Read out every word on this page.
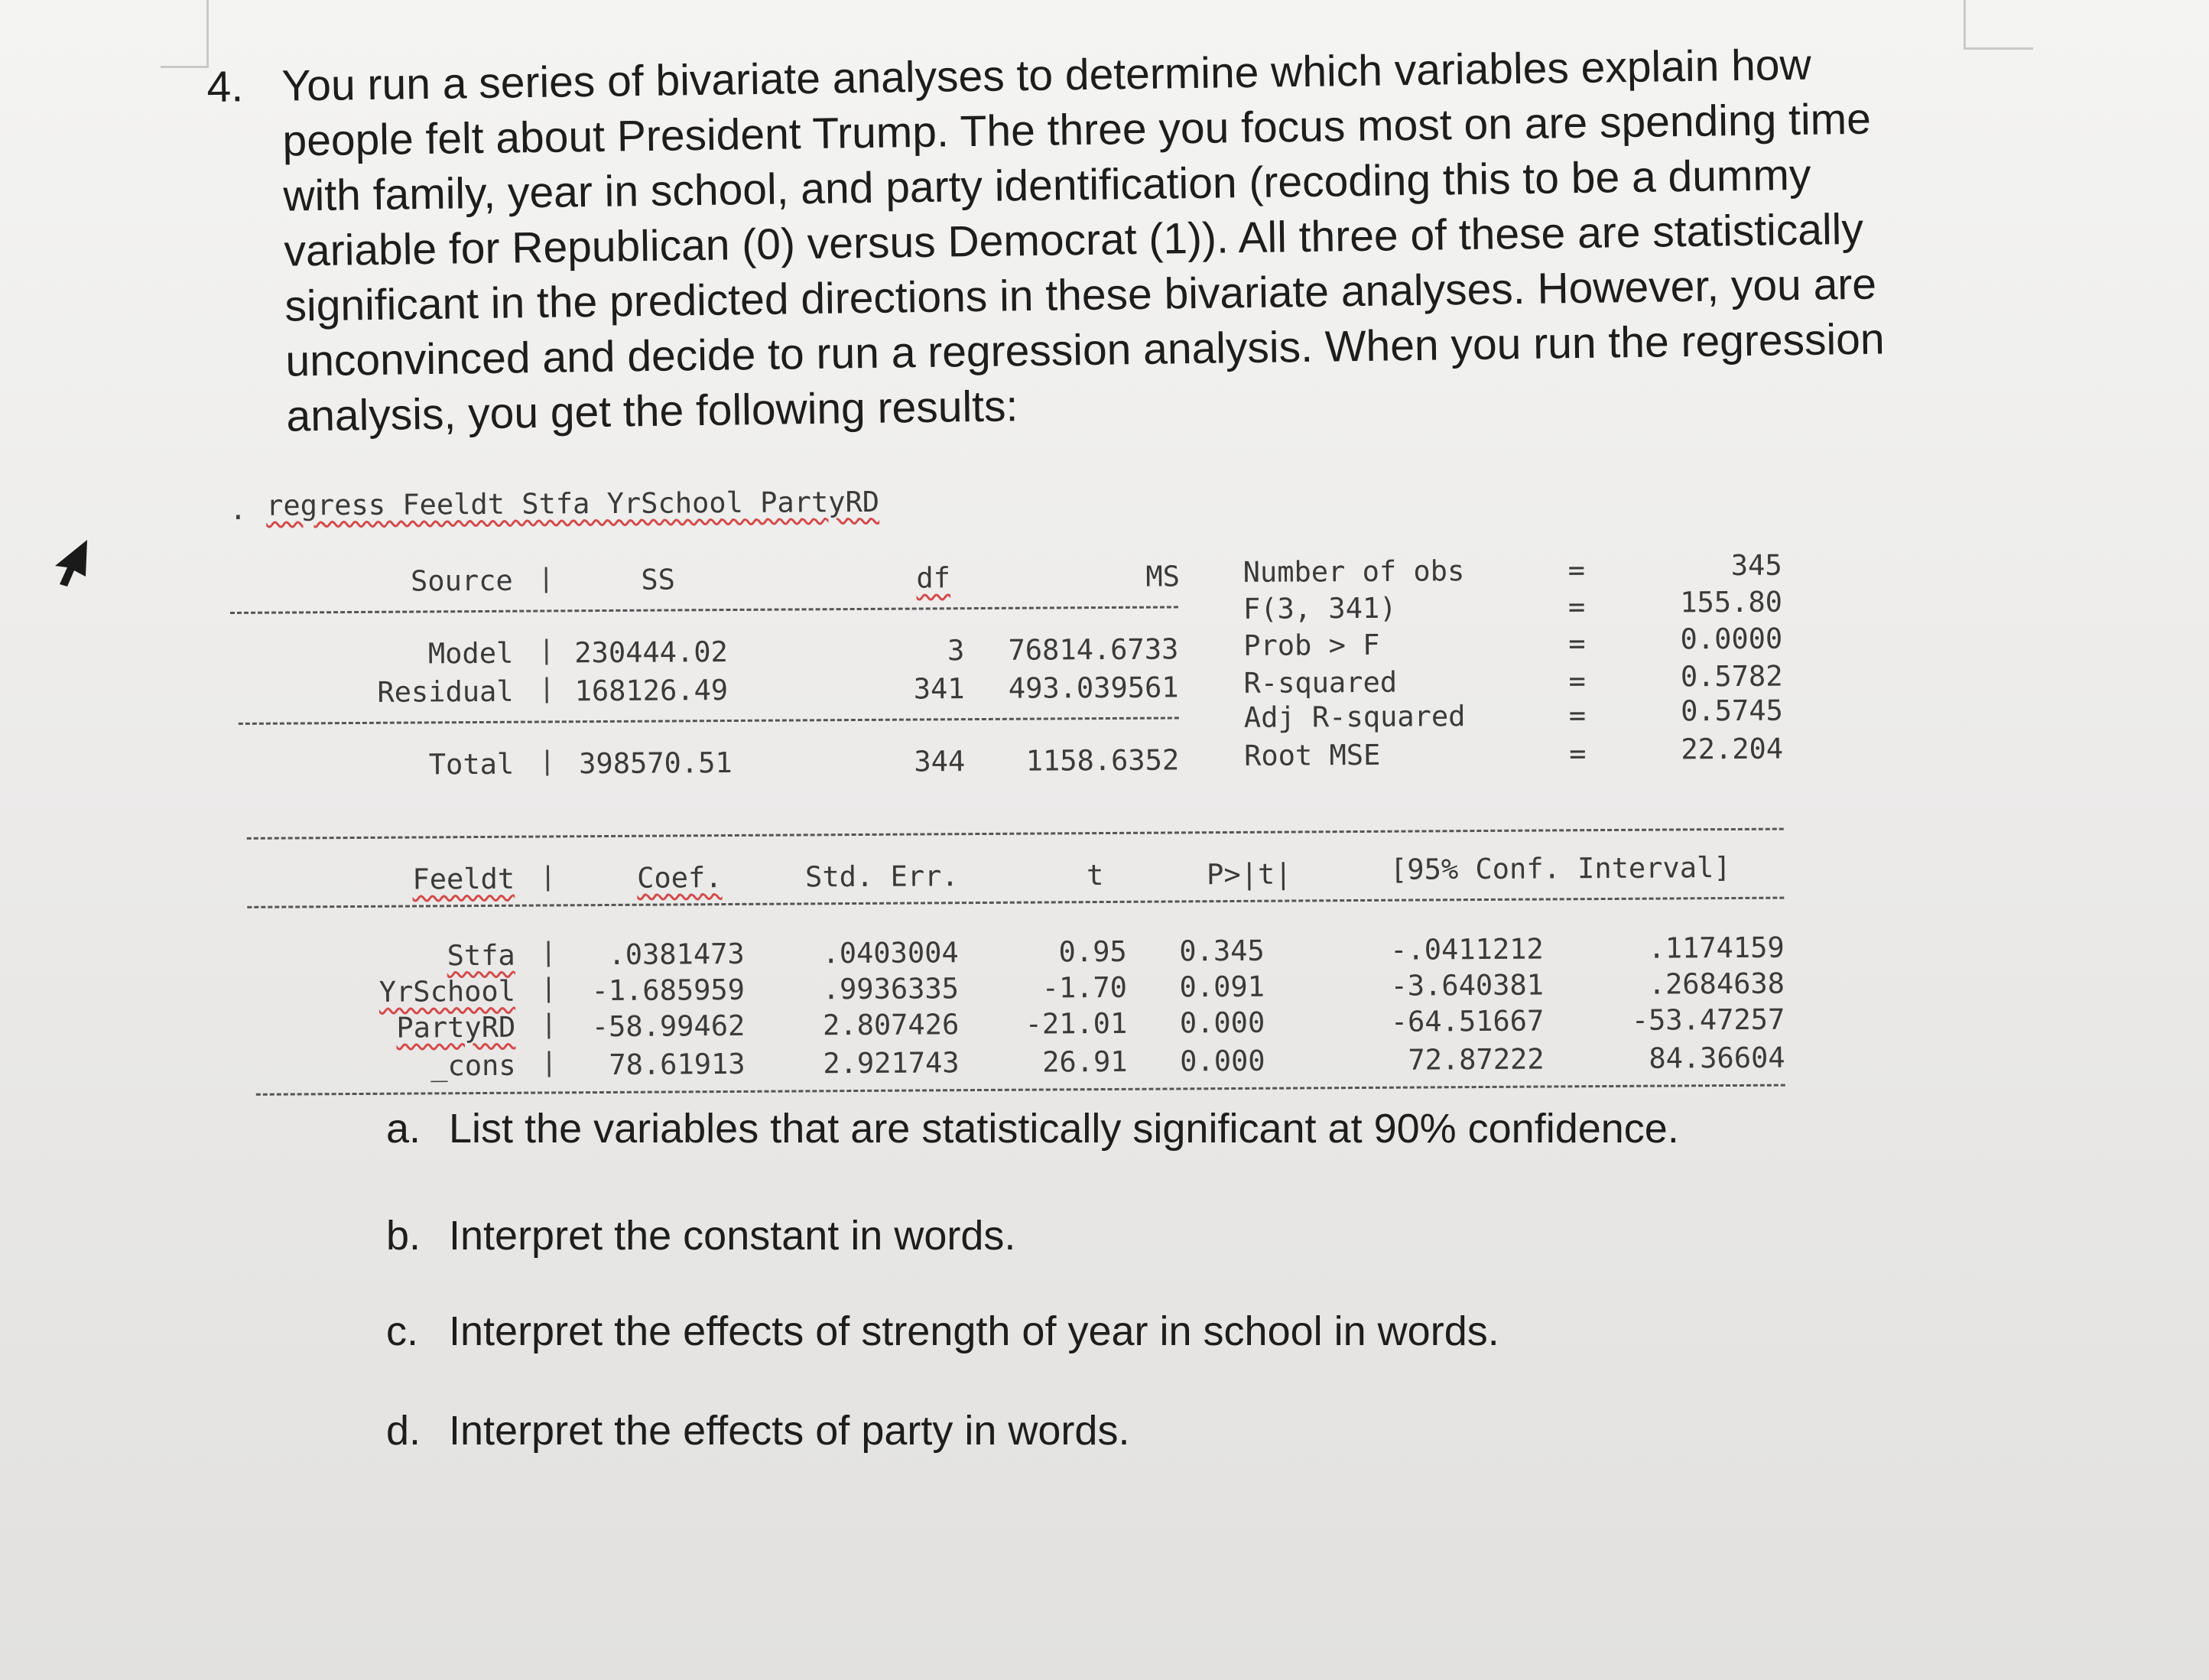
4. You run a series of bivariate analyses to determine which variables explain how
people felt about President Trump. The three you focus most on are spending time
with family, year in school, and party identification (recoding this to be a dummy
variable for Republican (0) versus Democrat (1)). All three of these are statistically
significant in the predicted directions in these bivariate analyses. However, you are
unconvinced and decide to run a regression analysis. When you run the regression
analysis, you get the following results:
. regress Feeldt Stfa YrSchool PartyRD
Source	SS	df	MS
Model 230444.02	3	76814.6733
Residual 168126.49	341	493.039561
Total 398570.51	344	1158.6352
Number of obs	=	345
F(3, 341)	=	155.80
Prob > F	=	0.0000
R-squared	=	0.5782
Adj R-squared	=	0.5745
Root MSE	=	22.204
Feeldt	Coef.	Std. Err.	t	P>|t|	[95% Conf. Interval]
Stfa	.0381473	.0403004	0.95	0.345	-.0411212	.1174159
YrSchool	-1.685959	.9936335	-1.70	0.091	-3.640381	.2684638
PartyRD	-58.99462	2.807426	-21.01	0.000	-64.51667	-53.47257
_cons	78.61913	2.921743	26.91	0.000	72.87222	84.36604
a. List the variables that are statistically significant at 90% confidence.
b. Interpret the constant in words.
c. Interpret the effects of strength of year in school in words.
d. Interpret the effects of party in words.
